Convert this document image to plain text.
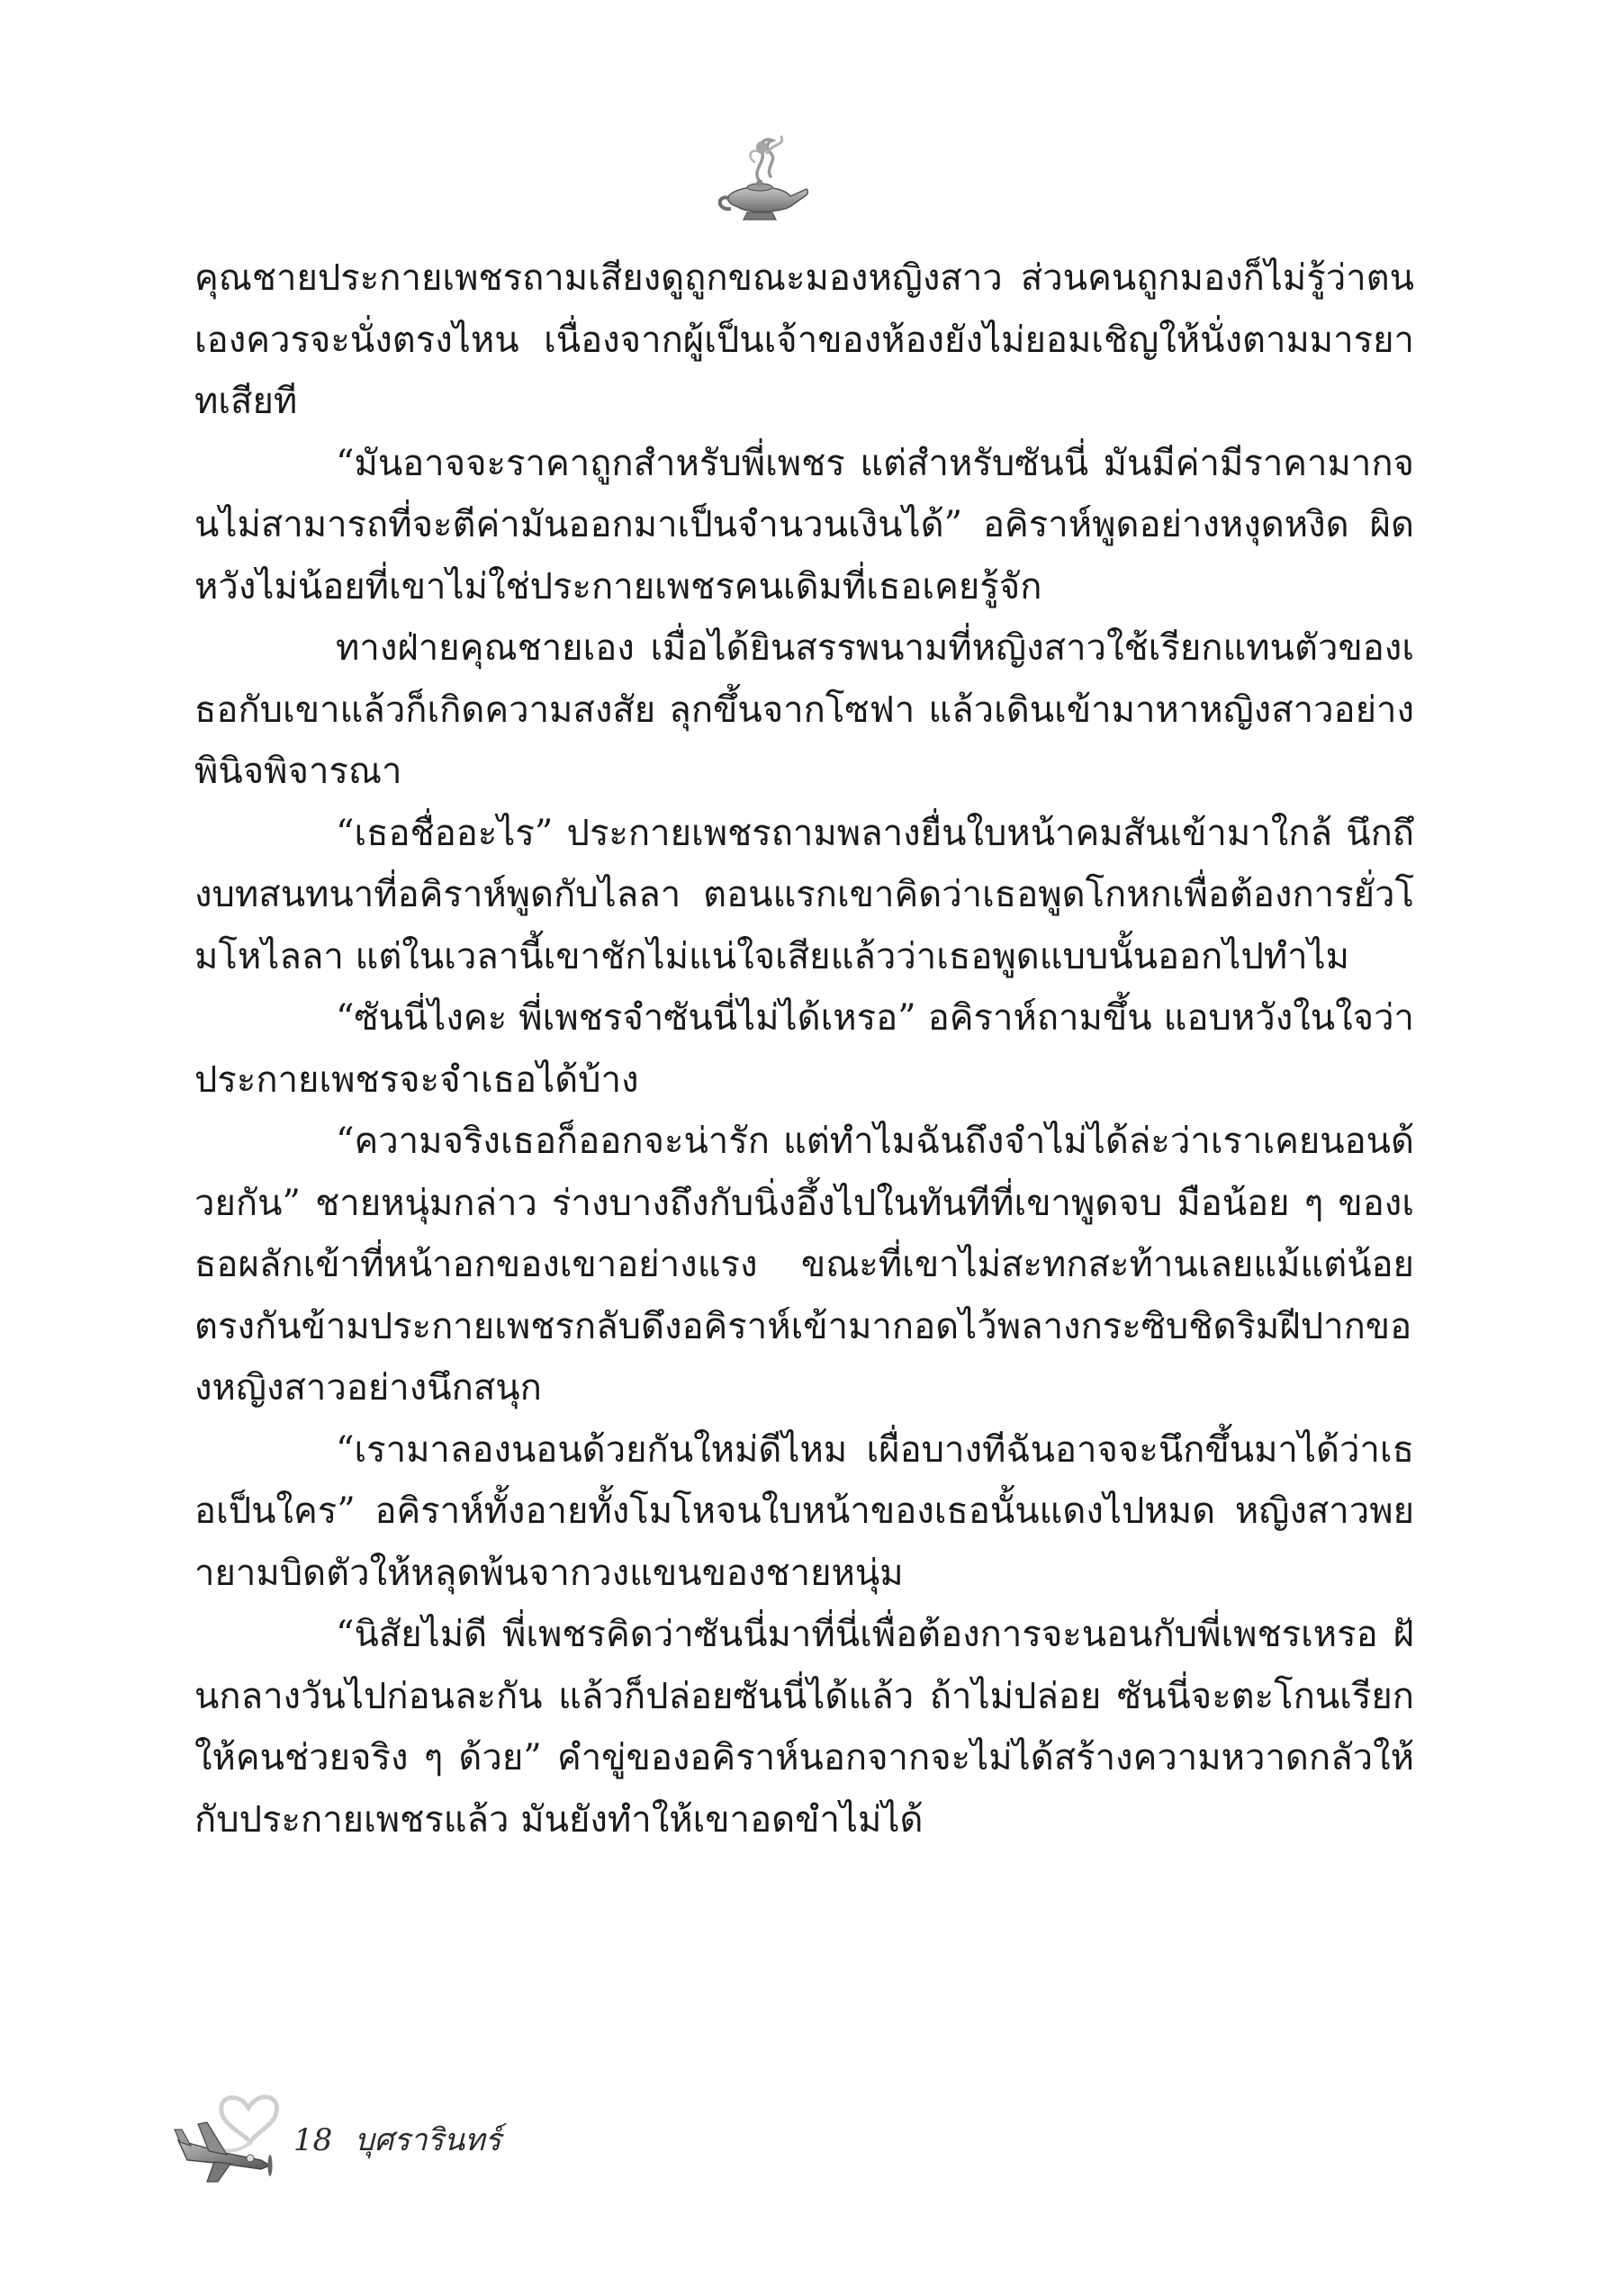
คุณชายประกายเพชรถามเสียงดูถูกขณะมองหญิงสาว ส่วนคนถูกมองก็ไม่รู้ว่าตนเองควรจะนั่งตรงไหน เนื่องจากผู้เป็นเจ้าของห้องยังไม่ยอมเชิญให้นั่งตามมารยาทเสียที

“มันอาจจะราคาถูกสำหรับพี่เพชร แต่สำหรับซันนี่ มันมีค่ามีราคามากจนไม่สามารถที่จะตีค่ามันออกมาเป็นจำนวนเงินได้” อคิราห์พูดอย่างหงุดหงิด ผิดหวังไม่น้อยที่เขาไม่ใช่ประกายเพชรคนเดิมที่เธอเคยรู้จัก

ทางฝ่ายคุณชายเอง เมื่อได้ยินสรรพนามที่หญิงสาวใช้เรียกแทนตัวของเธอกับเขาแล้วก็เกิดความสงสัย ลุกขึ้นจากโซฟา แล้วเดินเข้ามาหาหญิงสาวอย่างพินิจพิจารณา

“เธอชื่ออะไร” ประกายเพชรถามพลางยื่นใบหน้าคมสันเข้ามาใกล้ นึกถึงบทสนทนาที่อคิราห์พูดกับไลลา ตอนแรกเขาคิดว่าเธอพูดโกหกเพื่อต้องการยั่วโมโหไลลา แต่ในเวลานี้เขาชักไม่แน่ใจเสียแล้วว่าเธอพูดแบบนั้นออกไปทำไม

“ซันนี่ไงคะ พี่เพชรจำซันนี่ไม่ได้เหรอ” อคิราห์ถามขึ้น แอบหวังในใจว่าประกายเพชรจะจำเธอได้บ้าง

“ความจริงเธอก็ออกจะน่ารัก แต่ทำไมฉันถึงจำไม่ได้ล่ะว่าเราเคยนอนด้วยกัน” ชายหนุ่มกล่าว ร่างบางถึงกับนิ่งอึ้งไปในทันทีที่เขาพูดจบ มือน้อย ๆ ของเธอผลักเข้าที่หน้าอกของเขาอย่างแรง ขณะที่เขาไม่สะทกสะท้านเลยแม้แต่น้อย ตรงกันข้ามประกายเพชรกลับดึงอคิราห์เข้ามากอดไว้พลางกระซิบชิดริมฝีปากของหญิงสาวอย่างนึกสนุก

“เรามาลองนอนด้วยกันใหม่ดีไหม เผื่อบางทีฉันอาจจะนึกขึ้นมาได้ว่าเธอเป็นใคร” อคิราห์ทั้งอายทั้งโมโหจนใบหน้าของเธอนั้นแดงไปหมด หญิงสาวพยายามบิดตัวให้หลุดพ้นจากวงแขนของชายหนุ่ม

“นิสัยไม่ดี พี่เพชรคิดว่าซันนี่มาที่นี่เพื่อต้องการจะนอนกับพี่เพชรเหรอ ฝันกลางวันไปก่อนละกัน แล้วก็ปล่อยซันนี่ได้แล้ว ถ้าไม่ปล่อย ซันนี่จะตะโกนเรียกให้คนช่วยจริง ๆ ด้วย” คำขู่ของอคิราห์นอกจากจะไม่ได้สร้างความหวาดกลัวให้กับประกายเพชรแล้ว มันยังทำให้เขาอดขำไม่ได้

18 บุศรารินทร์
